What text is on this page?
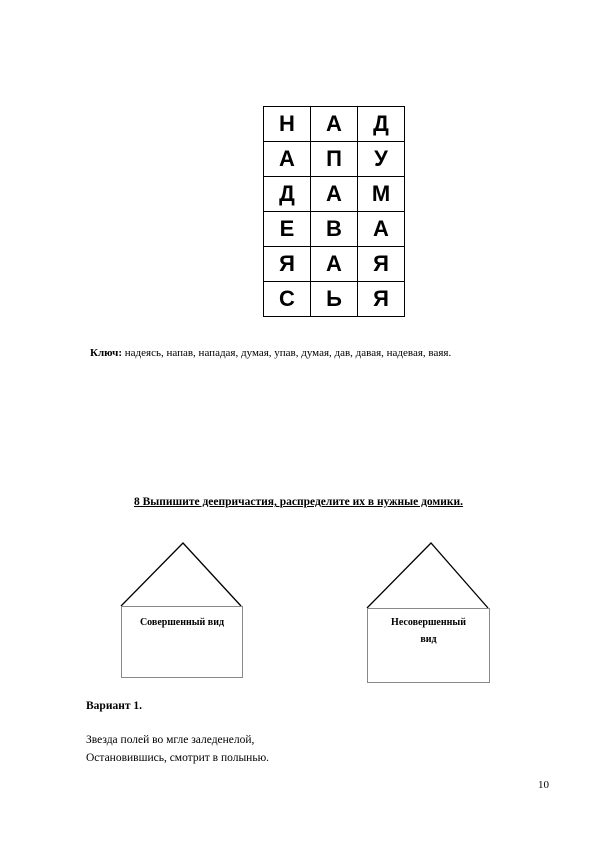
Н	А	Д
А	П	У
Д	А	М
Е	В	А
Я	А	Я
С	Ь	Я
Ключ: надеясь, напав, нападая, думая, упав, думая, дав, давая, надевая, ваяя.
8 Выпишите деепричастия, распределите их в нужные домики.
Совершенный вид	Несовершенный вид
Вариант 1.
Звезда полей во мгле заледенелой,
Остановившись, смотрит в полынью.
10
